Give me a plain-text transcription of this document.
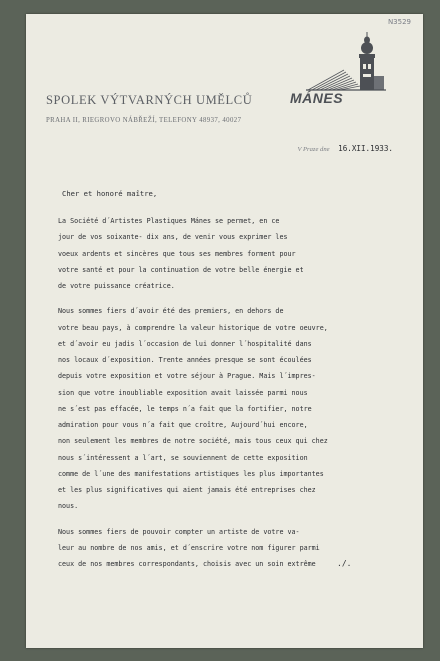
N3529
SPOLEK VÝTVARNÝCH UMĚLCŮ	MÁNES
PRAHA II, RIEGROVO NÁBŘEŽÍ, TELEFONY 48937, 40027
V Praze dne 16.XII.1933.
Cher et honoré maître,
La Société d´Artistes Plastiques Mánes se permet, en ce
jour de vos soixante- dix ans, de venir vous exprimer les
voeux ardents et sincères que tous ses membres forment pour
votre santé et pour la continuation de votre belle énergie et
de votre puissance créatrice.
Nous sommes fiers d´avoir été des premiers, en dehors de
votre beau pays, à comprendre la valeur historique de votre oeuvre,
et d´avoir eu jadis l´occasion de lui donner l´hospitalité dans
nos locaux d´exposition. Trente années presque se sont écoulées
depuis votre exposition et votre séjour à Prague. Mais l´impres-
sion que votre inoubliable exposition avait laissée parmi nous
ne s´est pas effacée, le temps n´a fait que la fortifier, notre
admiration pour vous n´a fait que croître, Aujourd´hui encore,
non seulement les membres de notre société, mais tous ceux qui chez
nous s´intéressent a l´art, se souviennent de cette exposition
comme de l´une des manifestations artistiques les plus importantes
et les plus significatives qui aient jamais été entreprises chez
nous.
Nous sommes fiers de pouvoir compter un artiste de votre va-
leur au nombre de nos amis, et d´enscrire votre nom figurer parmi
ceux de nos membres correspondants, choisis avec un soin extrême	./.
